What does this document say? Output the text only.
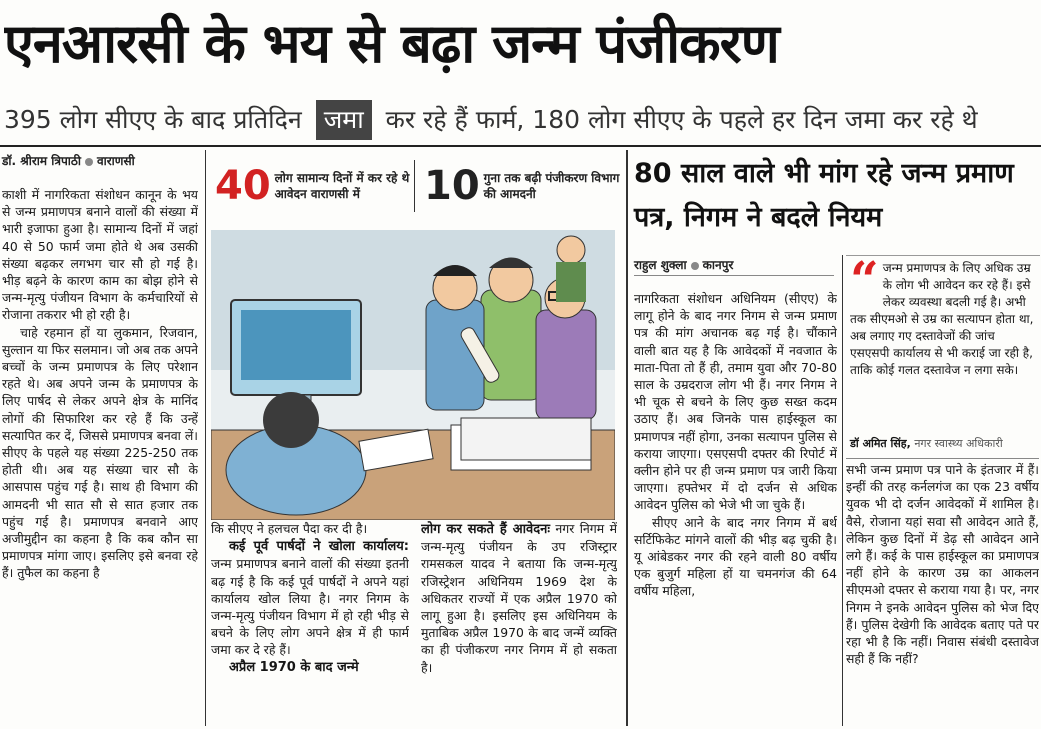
एनआरसी के भय से बढ़ा जन्म पंजीकरण
395 लोग सीएए के बाद प्रतिदिन जमा कर रहे हैं फार्म, 180 लोग सीएए के पहले हर दिन जमा कर रहे थे
डॉ. श्रीराम त्रिपाठी वाराणसी

काशी में नागरिकता संशोधन कानून के भय से जन्म प्रमाणपत्र बनाने वालों की संख्या में भारी इजाफा हुआ है। सामान्य दिनों में जहां 40 से 50 फार्म जमा होते थे अब उसकी संख्या बढ़कर लगभग चार सौ हो गई है। भीड़ बढ़ने के कारण काम का बोझ होने से जन्म-मृत्यु पंजीयन विभाग के कर्मचारियों से रोजाना तकरार भी हो रही है।

चाहे रहमान हों या लुकमान, रिजवान, सुल्तान या फिर सलमान। जो अब तक अपने बच्चों के जन्म प्रमाणपत्र के लिए परेशान रहते थे। अब अपने जन्म के प्रमाणपत्र के लिए पार्षद से लेकर अपने क्षेत्र के मानिंद लोगों की सिफारिश कर रहे हैं कि उन्हें सत्यापित कर दें, जिससे प्रमाणपत्र बनवा लें। सीएए के पहले यह संख्या 225-250 तक होती थी। अब यह संख्या चार सौ के आसपास पहुंच गई है। साथ ही विभाग की आमदनी भी सात सौ से सात हजार तक पहुंच गई है। प्रमाणपत्र बनवाने आए अजीमुद्दीन का कहना है कि कब कौन सा प्रमाणपत्र मांगा जाए। इसलिए इसे बनवा रहे हैं। तुफैल का कहना है

40 लोग सामान्य दिनों में कर रहे थे आवेदन वाराणसी में	10 गुना तक बढ़ी पंजीकरण विभाग की आमदनी

कि सीएए ने हलचल पैदा कर दी है।

कई पूर्व पार्षदों ने खोला कार्यालय: जन्म प्रमाणपत्र बनाने वालों की संख्या इतनी बढ़ गई है कि कई पूर्व पार्षदों ने अपने यहां कार्यालय खोल लिया है। नगर निगम के जन्म-मृत्यु पंजीयन विभाग में हो रही भीड़ से बचने के लिए लोग अपने क्षेत्र में ही फार्म जमा कर दे रहे हैं।

अप्रैल 1970 के बाद जन्मे

लोग कर सकते हैं आवेदनः नगर निगम में जन्म-मृत्यु पंजीयन के उप रजिस्ट्रार रामसकल यादव ने बताया कि जन्म-मृत्यु रजिस्ट्रेशन अधिनियम 1969 देश के अधिकतर राज्यों में एक अप्रैल 1970 को लागू हुआ है। इसलिए इस अधिनियम के मुताबिक अप्रैल 1970 के बाद जन्में व्यक्ति का ही पंजीकरण नगर निगम में हो सकता है।

80 साल वाले भी मांग रहे जन्म प्रमाण पत्र, निगम ने बदले नियम
राहुल शुक्ला कानपुर

नागरिकता संशोधन अधिनियम (सीएए) के लागू होने के बाद नगर निगम से जन्म प्रमाण पत्र की मांग अचानक बढ़ गई है। चौंकाने वाली बात यह है कि आवेदकों में नवजात के माता-पिता तो हैं ही, तमाम युवा और 70-80 साल के उम्रदराज लोग भी हैं। नगर निगम ने भी चूक से बचने के लिए कुछ सख्त कदम उठाए हैं। अब जिनके पास हाईस्कूल का प्रमाणपत्र नहीं होगा, उनका सत्यापन पुलिस से कराया जाएगा। एसएसपी दफ्तर की रिपोर्ट में क्लीन होने पर ही जन्म प्रमाण पत्र जारी किया जाएगा। हफ्तेभर में दो दर्जन से अधिक आवेदन पुलिस को भेजे भी जा चुके हैं।

सीएए आने के बाद नगर निगम में बर्थ सर्टिफिकेट मांगने वालों की भीड़ बढ़ चुकी है। यू आंबेडकर नगर की रहने वाली 80 वर्षीय एक बुजुर्ग महिला हों या चमनगंज की 64 वर्षीय महिला,

“ जन्म प्रमाणपत्र के लिए अधिक उम्र के लोग भी आवेदन कर रहे हैं। इसे लेकर व्यवस्था बदली गई है। अभी तक सीएमओ से उम्र का सत्यापन होता था, अब लगाए गए दस्तावेजों की जांच एसएसपी कार्यालय से भी कराई जा रही है, ताकि कोई गलत दस्तावेज न लगा सके।
डॉ अमित सिंह, नगर स्वास्थ्य अधिकारी

सभी जन्म प्रमाण पत्र पाने के इंतजार में हैं। इन्हीं की तरह कर्नलगंज का एक 23 वर्षीय युवक भी दो दर्जन आवेदकों में शामिल है। वैसे, रोजाना यहां सवा सौ आवेदन आते हैं, लेकिन कुछ दिनों में डेढ़ सौ आवेदन आने लगे हैं। कई के पास हाईस्कूल का प्रमाणपत्र नहीं होने के कारण उम्र का आकलन सीएमओ दफ्तर से कराया गया है। पर, नगर निगम ने इनके आवेदन पुलिस को भेज दिए हैं। पुलिस देखेगी कि आवेदक बताए पते पर रहा भी है कि नहीं। निवास संबंधी दस्तावेज सही हैं कि नहीं?
